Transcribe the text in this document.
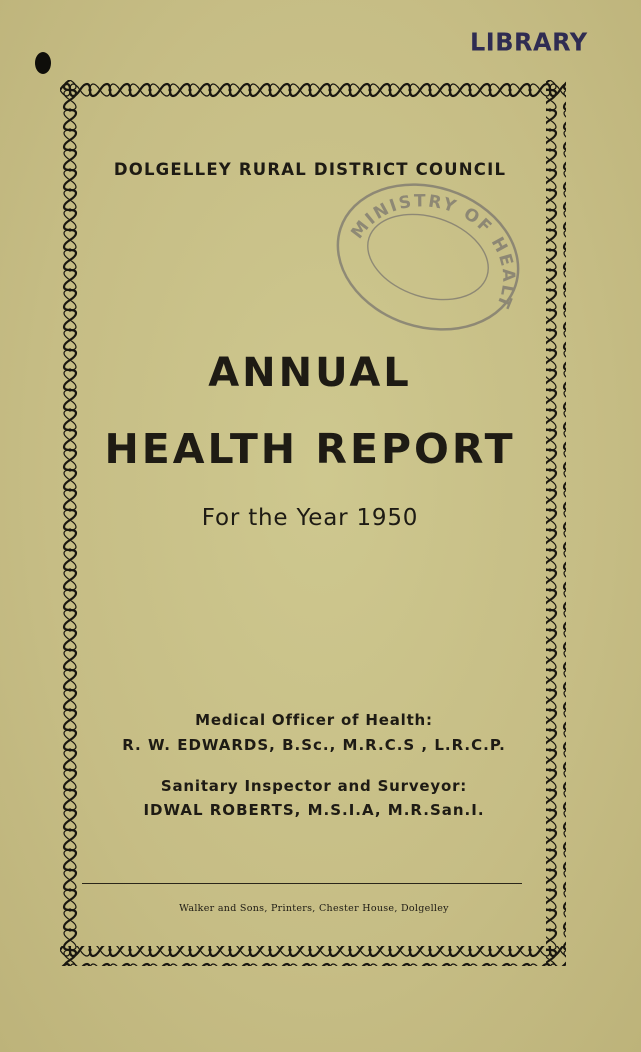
LIBRARY
DOLGELLEY RURAL DISTRICT COUNCIL
MINISTRY OF HEALTH
ANNUAL
HEALTH REPORT
For the Year 1950
Medical Officer of Health:
R. W. EDWARDS, B.Sc., M.R.C.S , L.R.C.P.
Sanitary Inspector and Surveyor:
IDWAL ROBERTS, M.S.I.A, M.R.San.I.
Walker and Sons, Printers, Chester House, Dolgelley
